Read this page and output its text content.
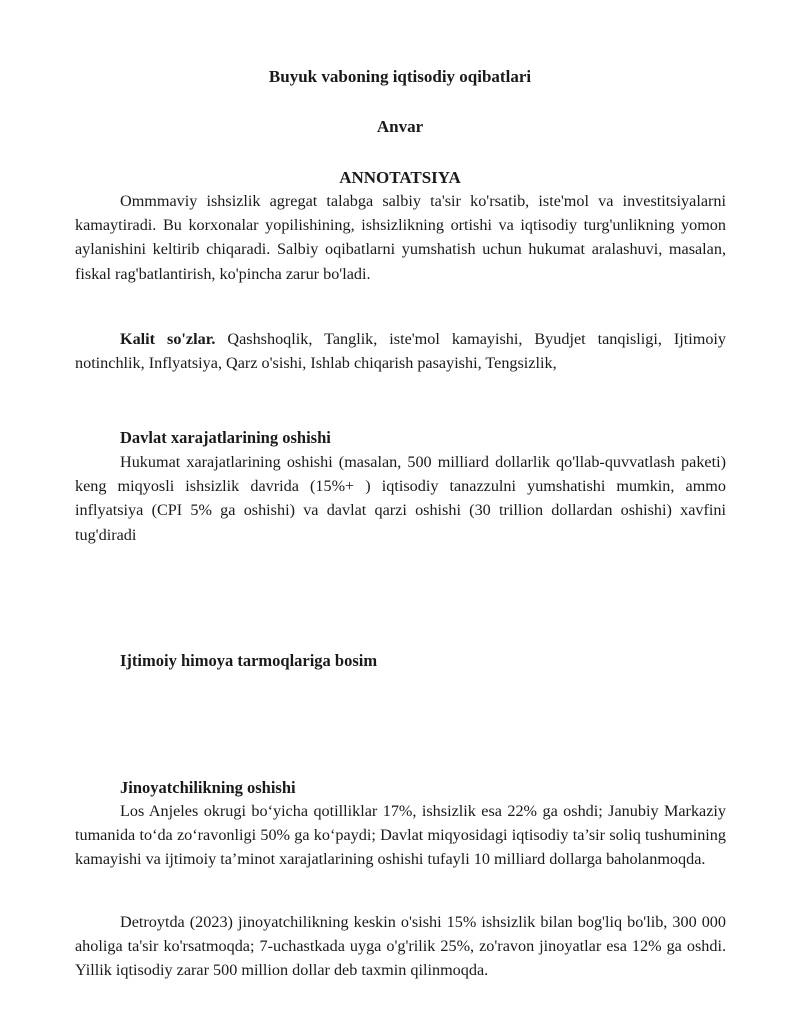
Buyuk vaboning iqtisodiy oqibatlari
Anvar
ANNOTATSIYA

Ommmaviy ishsizlik agregat talabga salbiy ta'sir ko'rsatib, iste'mol va investitsiyalarni kamaytiradi. Bu korxonalar yopilishining, ishsizlikning ortishi va iqtisodiy turg'unlikning yomon aylanishini keltirib chiqaradi. Salbiy oqibatlarni yumshatish uchun hukumat aralashuvi, masalan, fiskal rag'batlantirish, ko'pincha zarur bo'ladi.

Kalit so'zlar. Qashshoqlik, Tanglik, iste'mol kamayishi, Byudjet tanqisligi, Ijtimoiy notinchlik, Inflyatsiya, Qarz o'sishi, Ishlab chiqarish pasayishi, Tengsizlik,

Davlat xarajatlarining oshishi

Hukumat xarajatlarining oshishi (masalan, 500 milliard dollarlik qo'llab-quvvatlash paketi) keng miqyosli ishsizlik davrida (15%+ ) iqtisodiy tanazzulni yumshatishi mumkin, ammo inflyatsiya (CPI 5% ga oshishi) va davlat qarzi oshishi (30 trillion dollardan oshishi) xavfini tug'diradi

Ijtimoiy himoya tarmoqlariga bosim
Jinoyatchilikning oshishi

Los Anjeles okrugi bo‘yicha qotilliklar 17%, ishsizlik esa 22% ga oshdi; Janubiy Markaziy tumanida to‘da zo‘ravonligi 50% ga ko‘paydi; Davlat miqyosidagi iqtisodiy ta’sir soliq tushumining kamayishi va ijtimoiy ta’minot xarajatlarining oshishi tufayli 10 milliard dollarga baholanmoqda.

Detroytda (2023) jinoyatchilikning keskin o'sishi 15% ishsizlik bilan bog'liq bo'lib, 300 000 aholiga ta'sir ko'rsatmoqda; 7-uchastkada uyga o'g'rilik 25%, zo'ravon jinoyatlar esa 12% ga oshdi. Yillik iqtisodiy zarar 500 million dollar deb taxmin qilinmoqda.
